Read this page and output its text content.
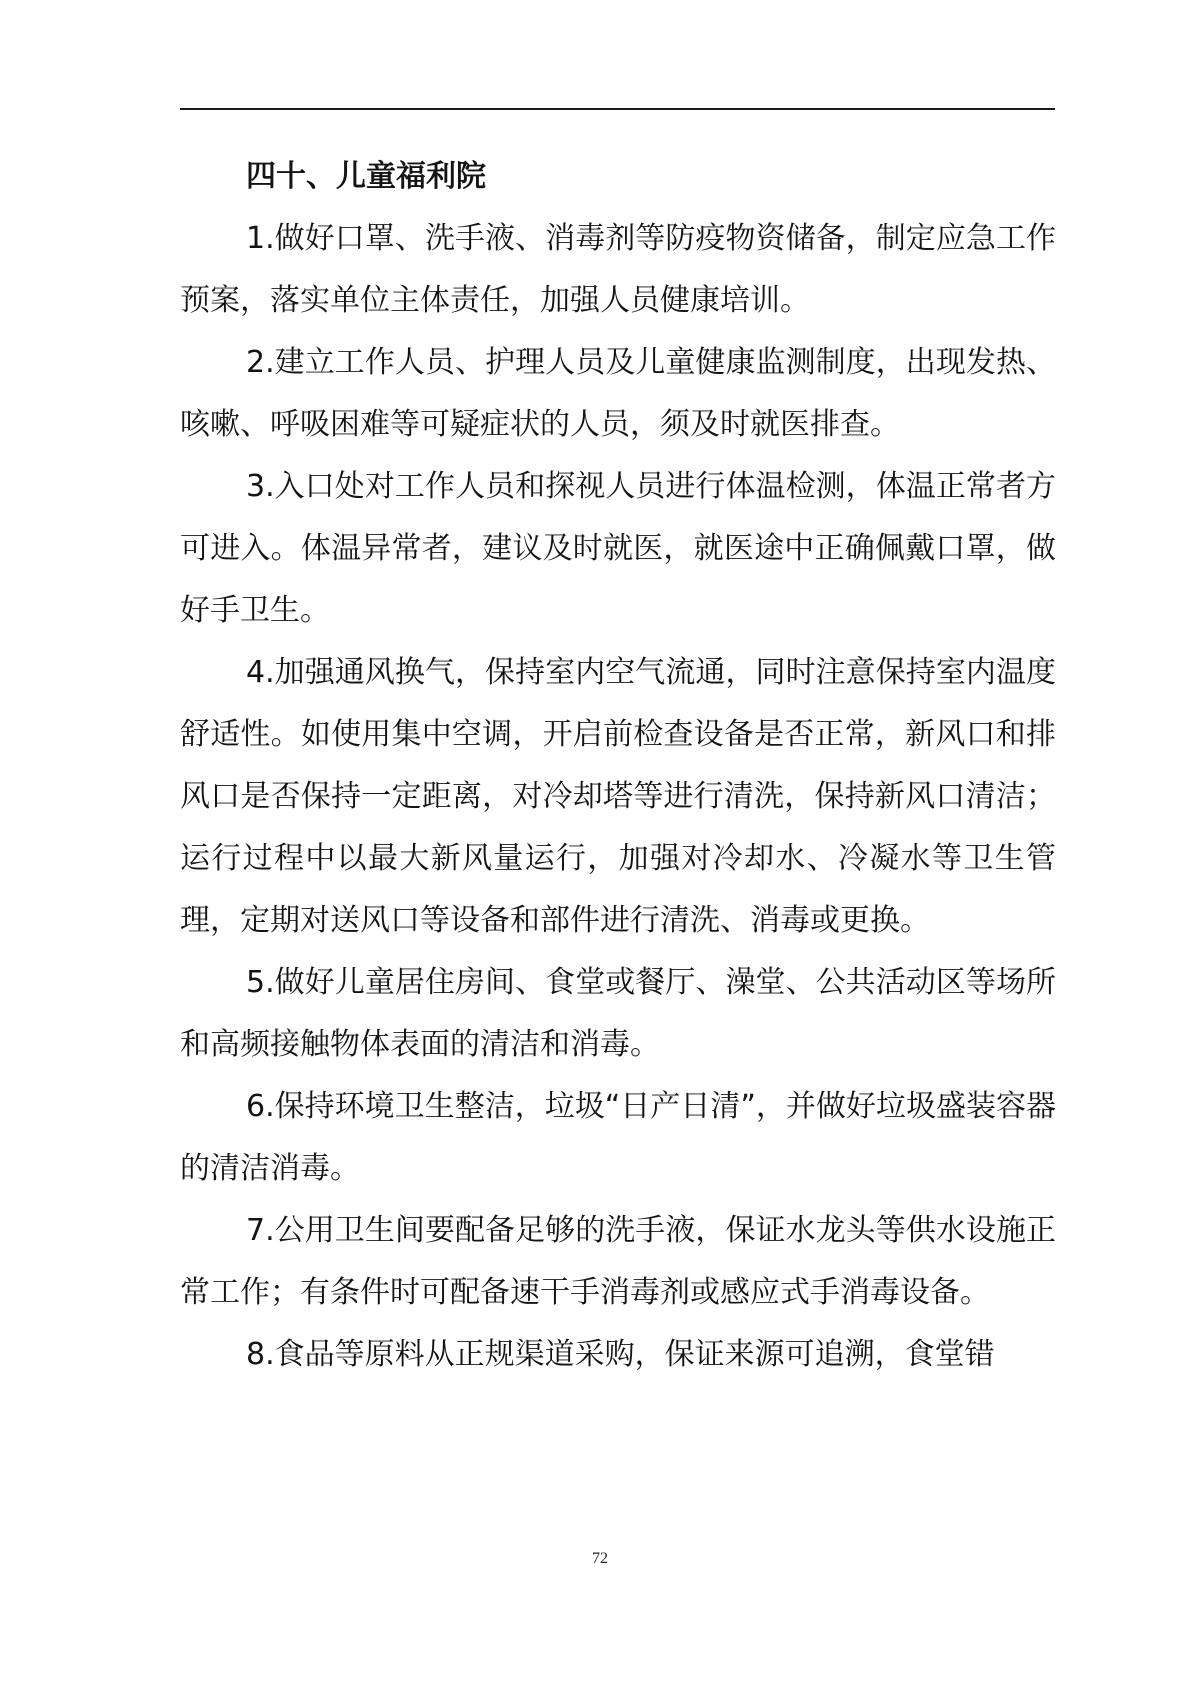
四十、儿童福利院

1.做好口罩、洗手液、消毒剂等防疫物资储备，制定应急工作预案，落实单位主体责任，加强人员健康培训。

2.建立工作人员、护理人员及儿童健康监测制度，出现发热、咳嗽、呼吸困难等可疑症状的人员，须及时就医排查。

3.入口处对工作人员和探视人员进行体温检测，体温正常者方可进入。体温异常者，建议及时就医，就医途中正确佩戴口罩，做好手卫生。

4.加强通风换气，保持室内空气流通，同时注意保持室内温度舒适性。如使用集中空调，开启前检查设备是否正常，新风口和排风口是否保持一定距离，对冷却塔等进行清洗，保持新风口清洁；运行过程中以最大新风量运行，加强对冷却水、冷凝水等卫生管理，定期对送风口等设备和部件进行清洗、消毒或更换。

5.做好儿童居住房间、食堂或餐厅、澡堂、公共活动区等场所和高频接触物体表面的清洁和消毒。

6.保持环境卫生整洁，垃圾“日产日清”，并做好垃圾盛装容器的清洁消毒。

7.公用卫生间要配备足够的洗手液，保证水龙头等供水设施正常工作；有条件时可配备速干手消毒剂或感应式手消毒设备。

8.食品等原料从正规渠道采购，保证来源可追溯，食堂错

72
